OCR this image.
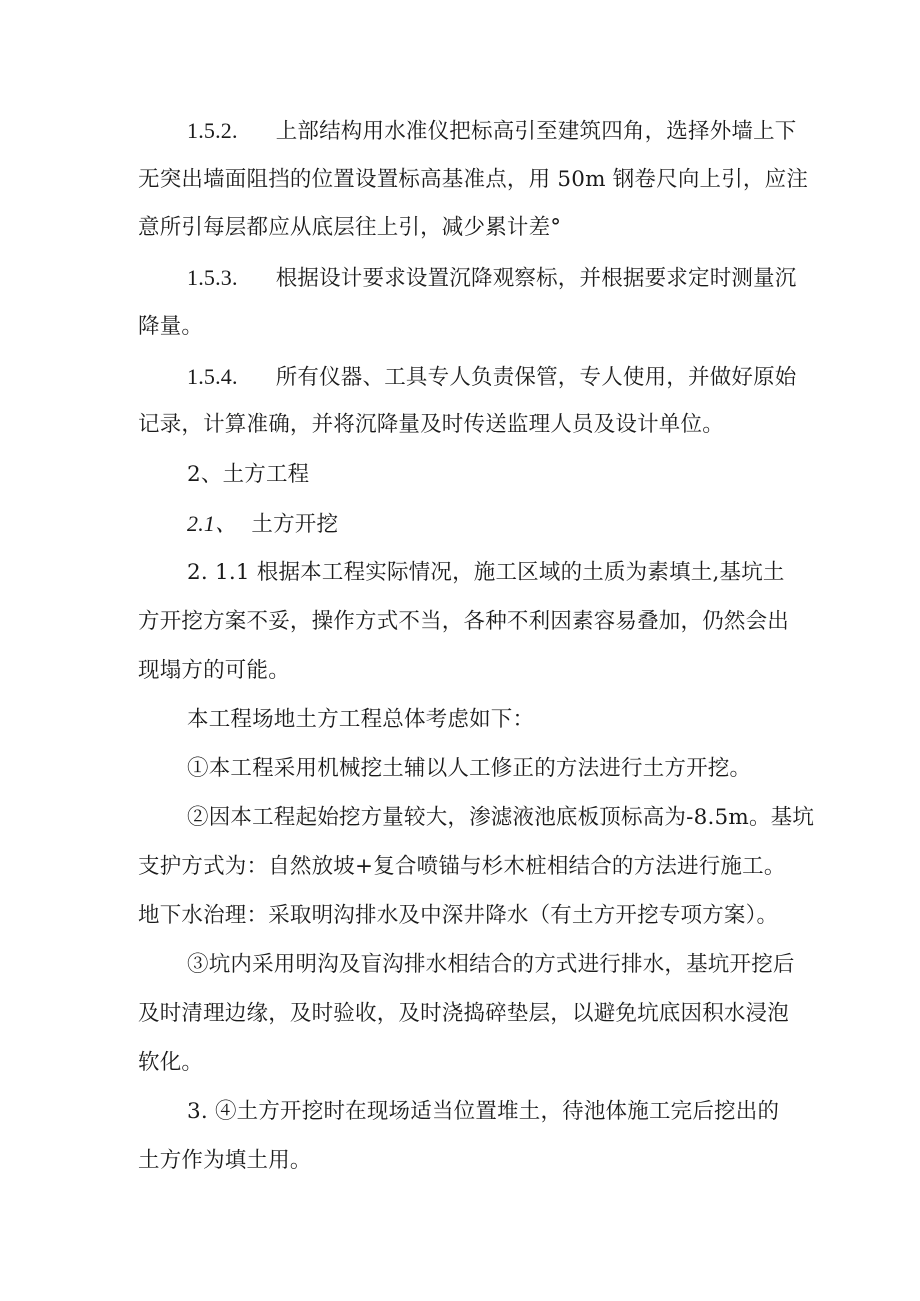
1.5.2. 上部结构用水准仪把标高引至建筑四角，选择外墙上下
无突出墙面阻挡的位置设置标高基准点，用 50m 钢卷尺向上引，应注
意所引每层都应从底层往上引，减少累计差°
1.5.3. 根据设计要求设置沉降观察标，并根据要求定时测量沉
降量。
1.5.4. 所有仪器、工具专人负责保管，专人使用，并做好原始
记录，计算准确，并将沉降量及时传送监理人员及设计单位。
2、土方工程
2.1、 土方开挖
2. 1.1 根据本工程实际情况，施工区域的土质为素填土,基坑土
方开挖方案不妥，操作方式不当，各种不利因素容易叠加，仍然会出
现塌方的可能。
本工程场地土方工程总体考虑如下：
①本工程采用机械挖土辅以人工修正的方法进行土方开挖。
②因本工程起始挖方量较大，渗滤液池底板顶标高为-8.5m。基坑
支护方式为：自然放坡+复合喷锚与杉木桩相结合的方法进行施工。
地下水治理：采取明沟排水及中深井降水（有土方开挖专项方案）。
③坑内采用明沟及盲沟排水相结合的方式进行排水，基坑开挖后
及时清理边缘，及时验收，及时浇捣碎垫层，以避免坑底因积水浸泡
软化。
3. ④土方开挖时在现场适当位置堆土，待池体施工完后挖出的
土方作为填土用。
